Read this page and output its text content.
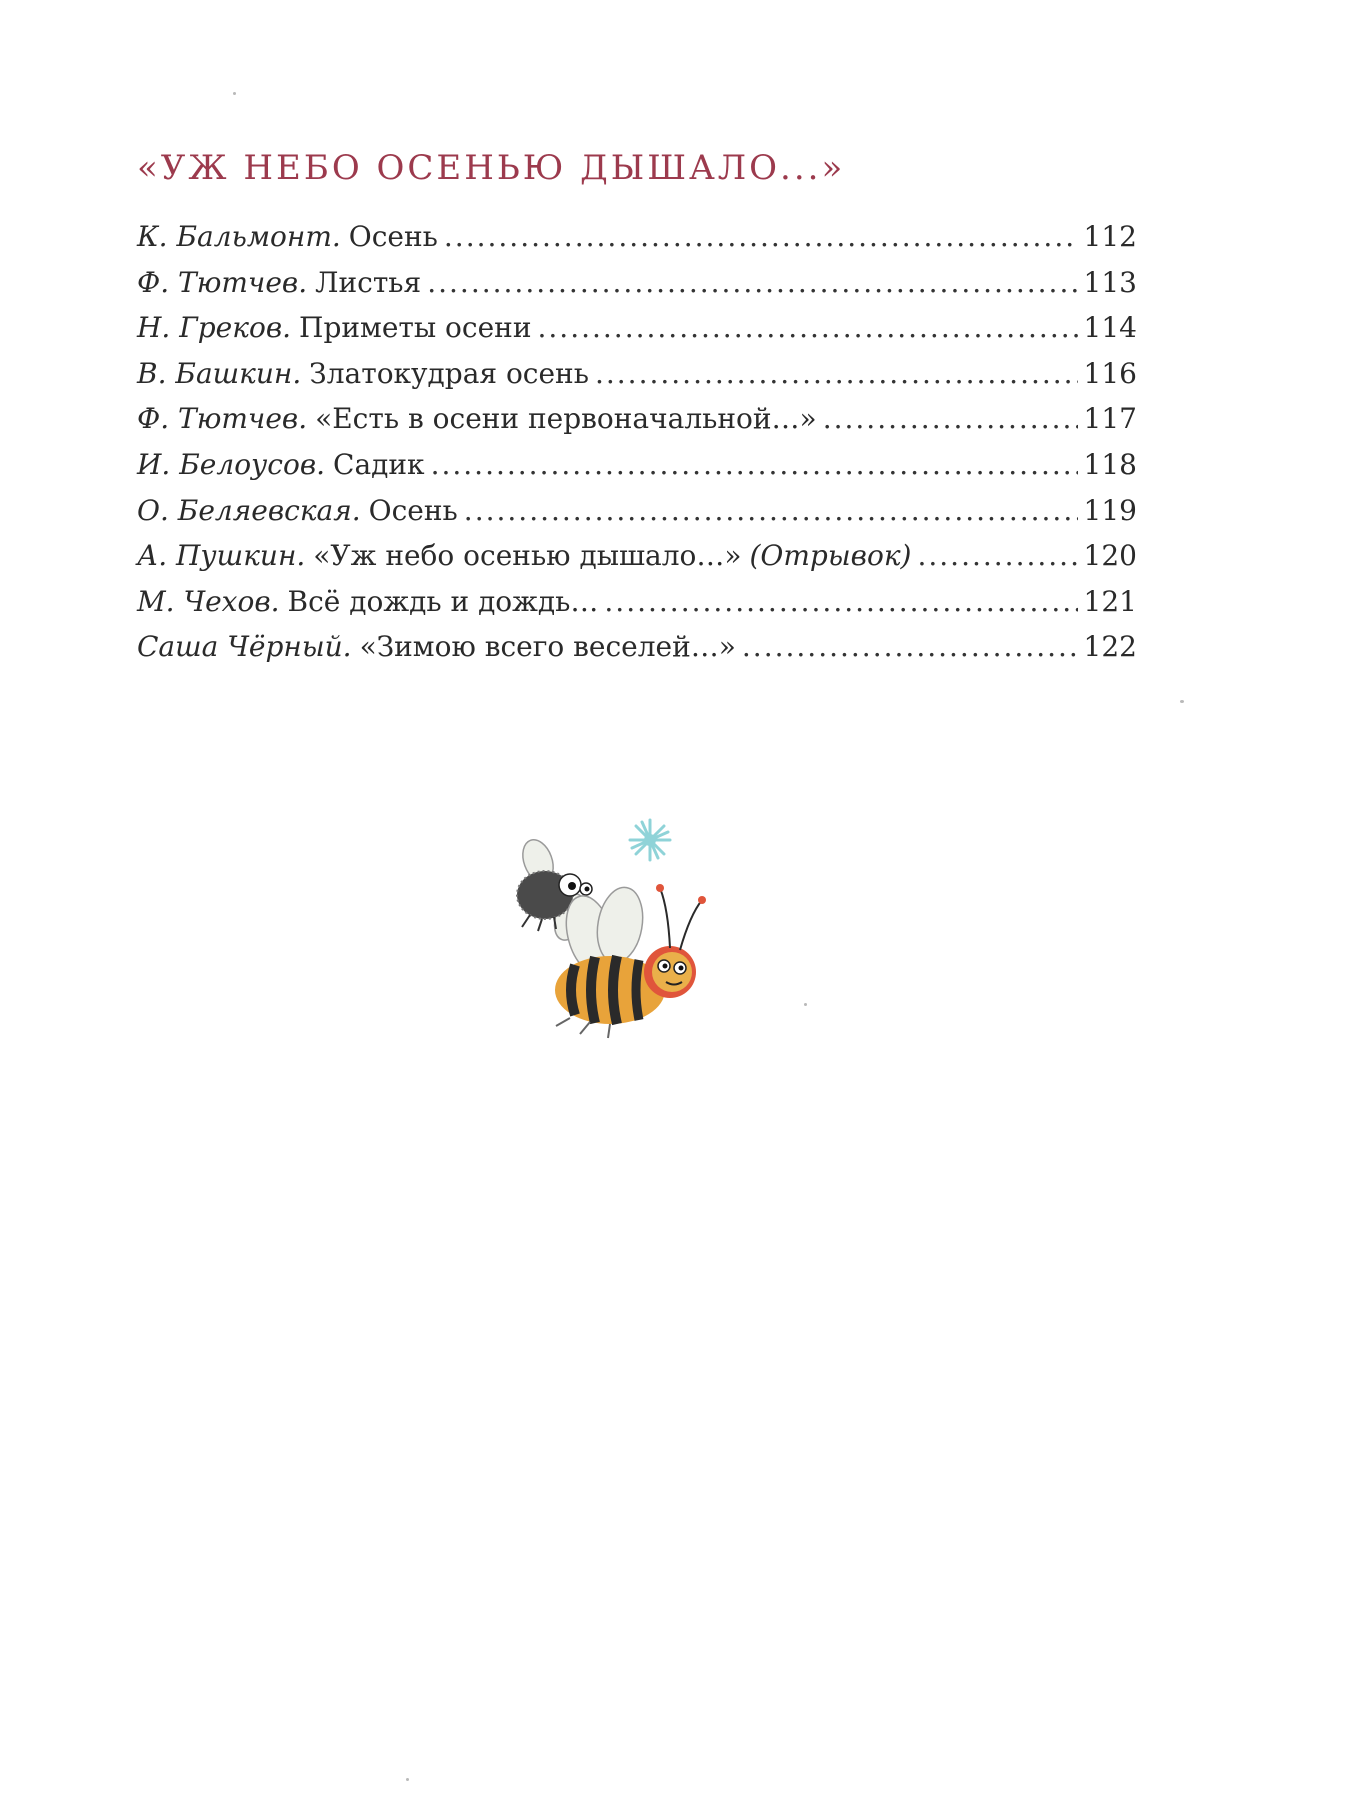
«УЖ НЕБО ОСЕНЬЮ ДЫШАЛО...»
К. Бальмонт. Осень .....	112
Ф. Тютчев. Листья .....	113
Н. Греков. Приметы осени .....	114
В. Башкин. Златокудрая осень .....	116
Ф. Тютчев. «Есть в осени первоначальной…» .....	117
И. Белоусов. Садик .....	118
О. Беляевская. Осень .....	119
А. Пушкин. «Уж небо осенью дышало…» (Отрывок) .....	120
М. Чехов. Всё дождь и дождь… .....	121
Саша Чёрный. «Зимою всего веселей…» .....	122
